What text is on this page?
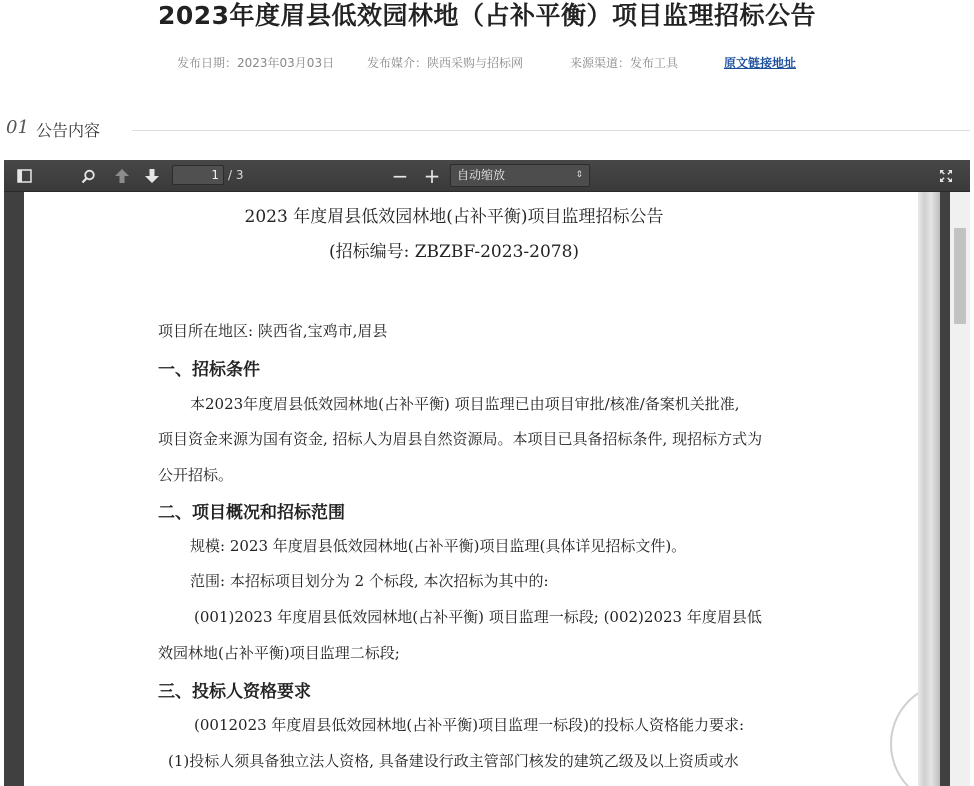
2023年度眉县低效园林地（占补平衡）项目监理招标公告
发布日期：2023年03月03日	发布媒介：陕西采购与招标网	来源渠道：发布工具	原文链接地址
01 公告内容
1
/ 3	− +	自动缩放	⇕
2023 年度眉县低效园林地(占补平衡)项目监理招标公告
(招标编号: ZBZBF-2023-2078)
项目所在地区: 陕西省,宝鸡市,眉县
一、招标条件
本2023年度眉县低效园林地(占补平衡) 项目监理已由项目审批/核准/备案机关批准,
项目资金来源为国有资金, 招标人为眉县自然资源局。本项目已具备招标条件, 现招标方式为
公开招标。
二、项目概况和招标范围
规模: 2023 年度眉县低效园林地(占补平衡)项目监理(具体详见招标文件)。
范围: 本招标项目划分为 2 个标段, 本次招标为其中的:
(001)2023 年度眉县低效园林地(占补平衡) 项目监理一标段; (002)2023 年度眉县低
效园林地(占补平衡)项目监理二标段;
三、投标人资格要求
(0012023 年度眉县低效园林地(占补平衡)项目监理一标段)的投标人资格能力要求:
(1)投标人须具备独立法人资格, 具备建设行政主管部门核发的建筑乙级及以上资质或水
